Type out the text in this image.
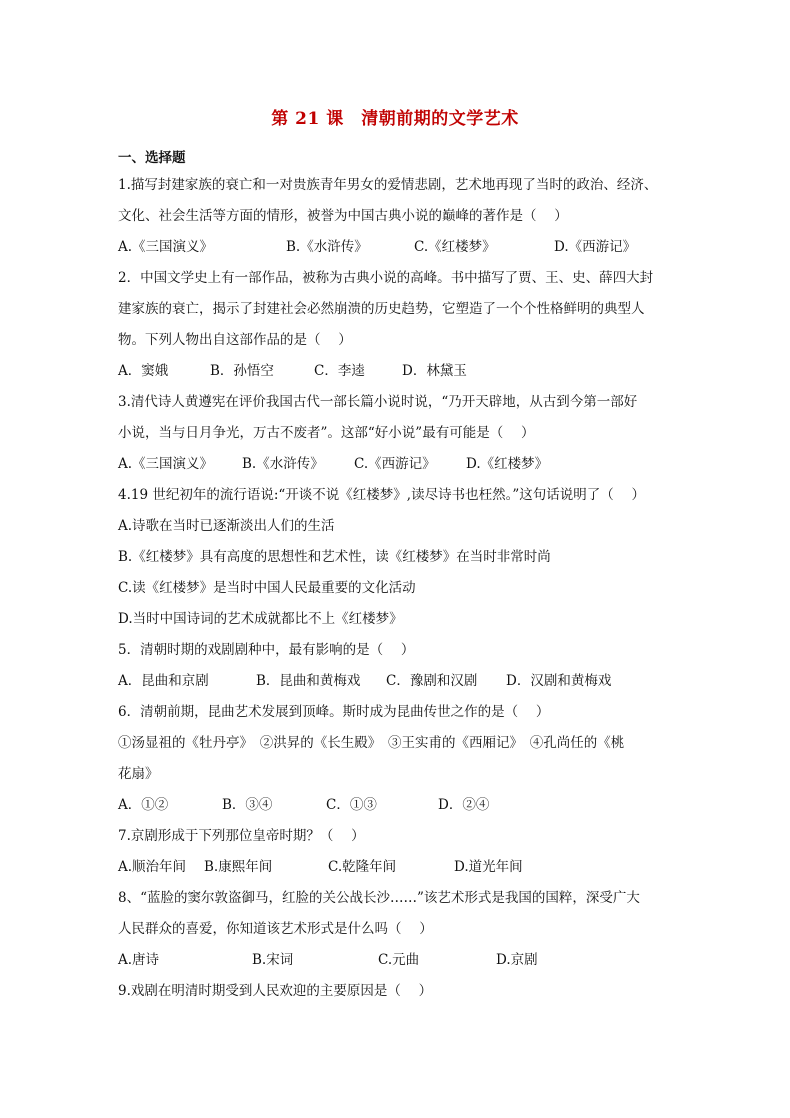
第 21 课　清朝前期的文学艺术
一、选择题
1.描写封建家族的衰亡和一对贵族青年男女的爱情悲剧，艺术地再现了当时的政治、经济、
文化、社会生活等方面的情形，被誉为中国古典小说的巅峰的著作是（　 ）
A.《三国演义》	B.《水浒传》	C.《红楼梦》	D.《西游记》
2．中国文学史上有一部作品，被称为古典小说的高峰。书中描写了贾、王、史、薛四大封
建家族的衰亡，揭示了封建社会必然崩溃的历史趋势，它塑造了一个个性格鲜明的典型人
物。下列人物出自这部作品的是（　 ）
A．窦娥	B．孙悟空	C．李逵	D．林黛玉
3.清代诗人黄遵宪在评价我国古代一部长篇小说时说，“乃开天辟地，从古到今第一部好
小说，当与日月争光，万古不废者”。这部“好小说”最有可能是（　 ）
A.《三国演义》	B.《水浒传》	C.《西游记》	D.《红楼梦》
4.19 世纪初年的流行语说:“开谈不说《红楼梦》,读尽诗书也枉然。”这句话说明了（　 ）
A.诗歌在当时已逐渐淡出人们的生活
B.《红楼梦》具有高度的思想性和艺术性，读《红楼梦》在当时非常时尚
C.读《红楼梦》是当时中国人民最重要的文化活动
D.当时中国诗词的艺术成就都比不上《红楼梦》
5．清朝时期的戏剧剧种中，最有影响的是（　 ）
A．昆曲和京剧	B．昆曲和黄梅戏	C．豫剧和汉剧	D．汉剧和黄梅戏
6．清朝前期，昆曲艺术发展到顶峰。斯时成为昆曲传世之作的是（　 ）
①汤显祖的《牡丹亭》　②洪昇的《长生殿》　③王实甫的《西厢记》　④孔尚任的《桃
花扇》
A．①②	B．③④	C．①③	D．②④
7.京剧形成于下列那位皇帝时期？（　 ）
A.顺治年间	B.康熙年间	C.乾隆年间	D.道光年间
8、“蓝脸的窦尔敦盗御马，红脸的关公战长沙……”该艺术形式是我国的国粹，深受广大
人民群众的喜爱，你知道该艺术形式是什么吗（　 ）
A.唐诗	B.宋词	C.元曲	D.京剧
9.戏剧在明清时期受到人民欢迎的主要原因是（　 ）
